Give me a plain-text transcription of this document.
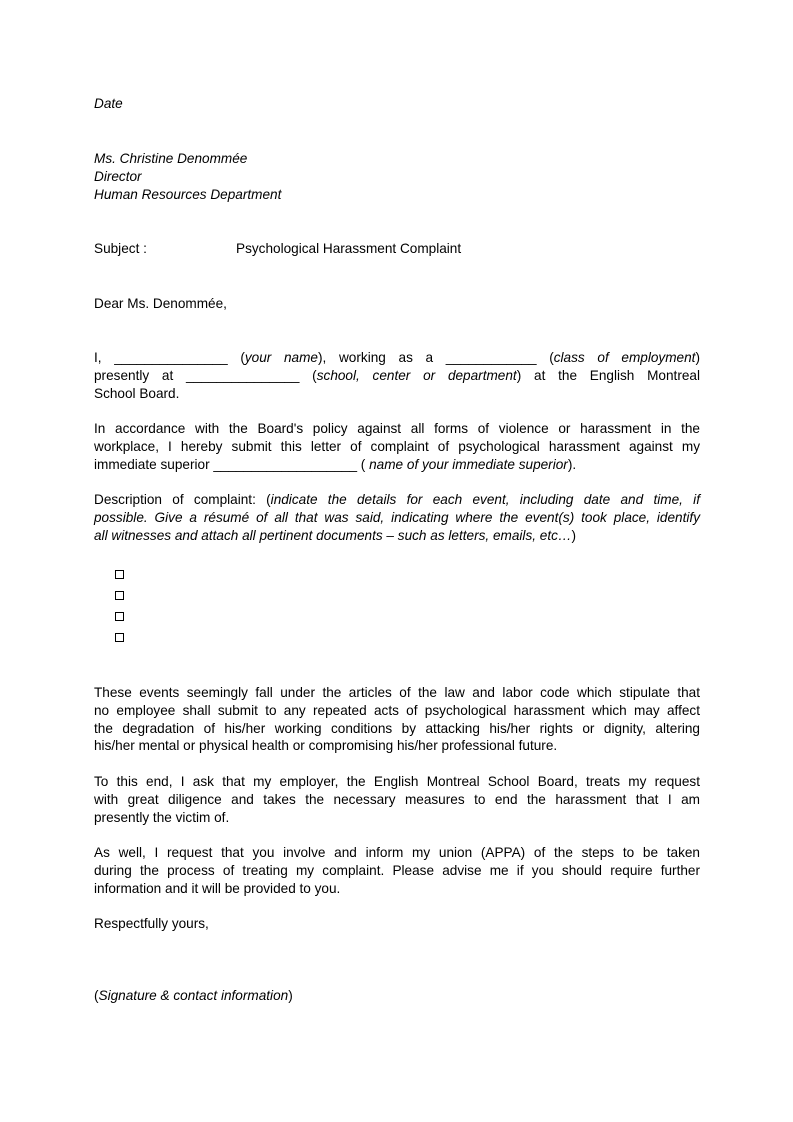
Date

Ms. Christine Denommée

Director

Human Resources Department

Subject :	Psychological Harassment Complaint

Dear Ms. Denommée,

I, _______________ (your name), working as a ____________ (class of employment)
presently at _______________ (school, center or department) at the English Montreal
School Board.
In accordance with the Board's policy against all forms of violence or harassment in the
workplace, I hereby submit this letter of complaint of psychological harassment against my
immediate superior ___________________ ( name of your immediate superior).
Description of complaint: (indicate the details for each event, including date and time, if
possible. Give a résumé of all that was said, indicating where the event(s) took place, identify
all witnesses and attach all pertinent documents – such as letters, emails, etc…)
These events seemingly fall under the articles of the law and labor code which stipulate that
no employee shall submit to any repeated acts of psychological harassment which may affect
the degradation of his/her working conditions by attacking his/her rights or dignity, altering
his/her mental or physical health or compromising his/her professional future.
To this end, I ask that my employer, the English Montreal School Board, treats my request
with great diligence and takes the necessary measures to end the harassment that I am
presently the victim of.
As well, I request that you involve and inform my union (APPA) of the steps to be taken
during the process of treating my complaint. Please advise me if you should require further
information and it will be provided to you.

Respectfully yours,

(Signature & contact information)
